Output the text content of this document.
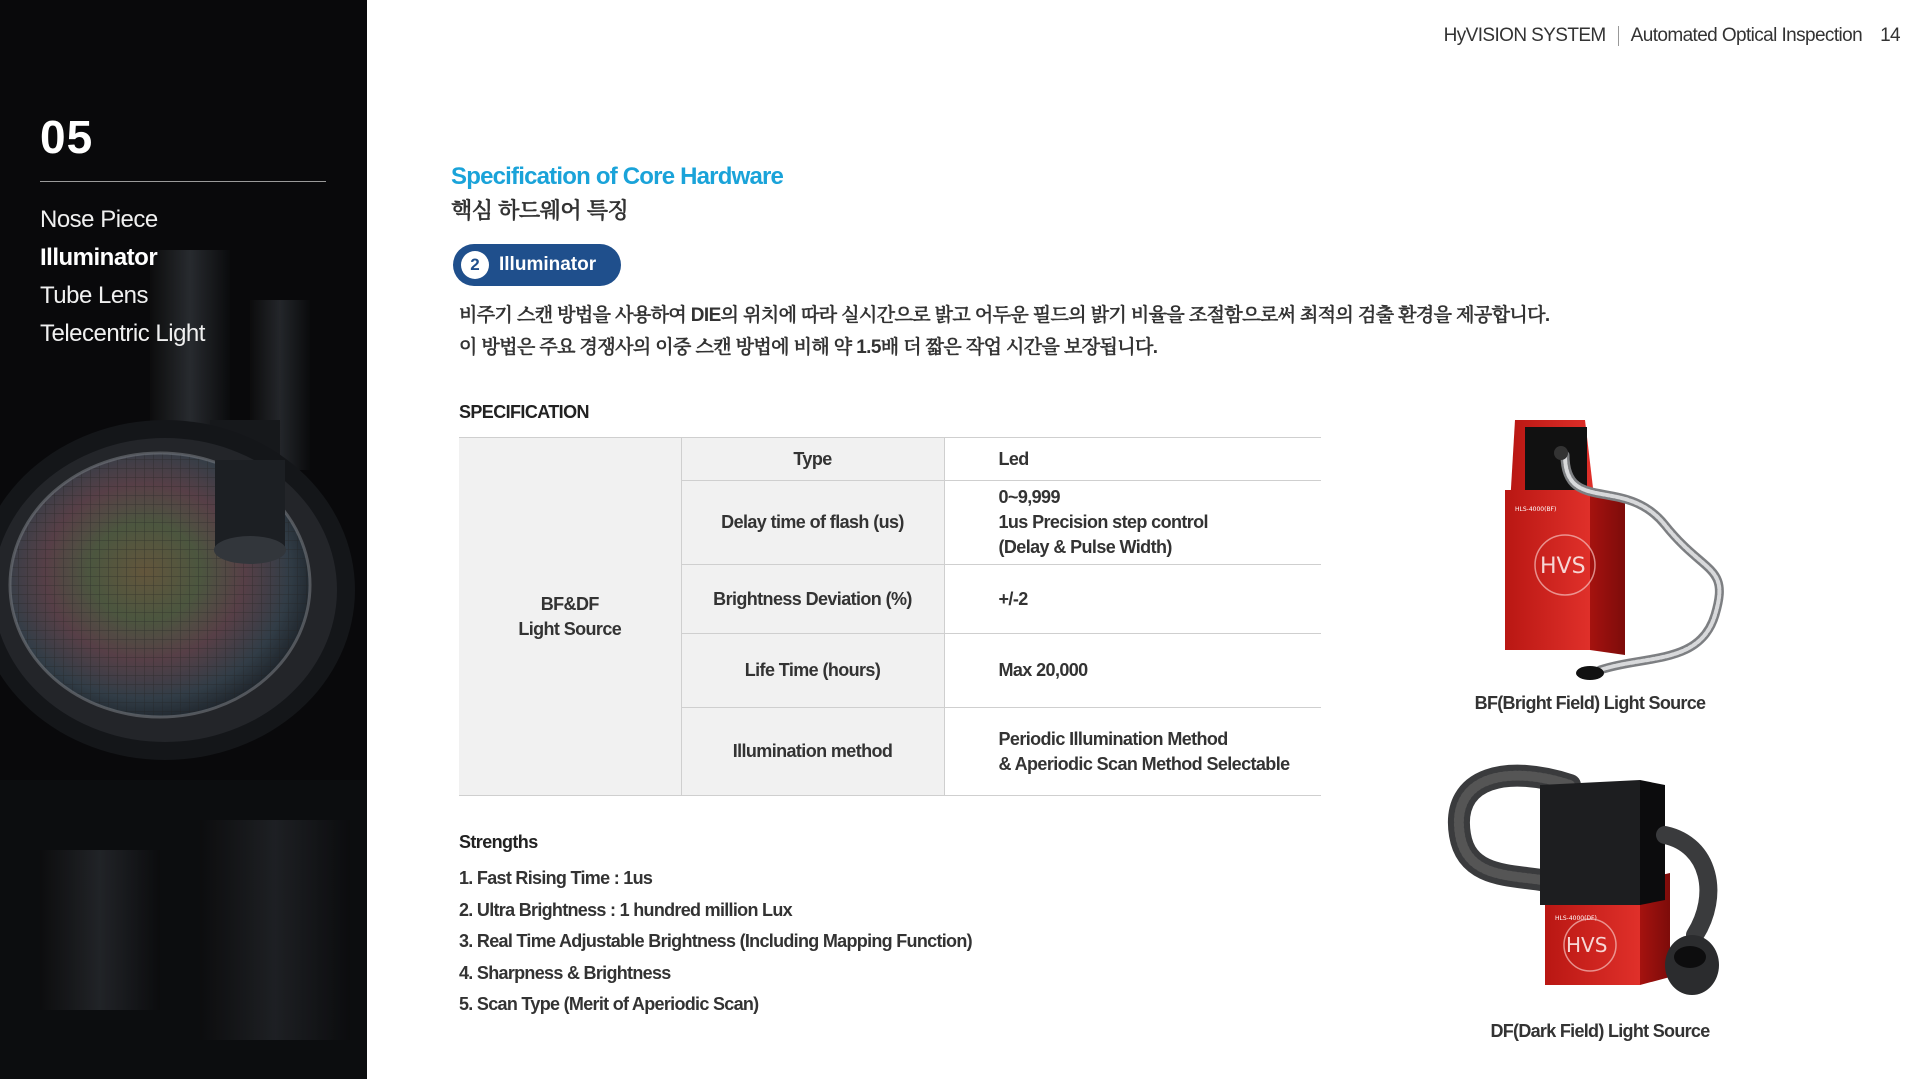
05
Nose Piece
Illuminator
Tube Lens
Telecentric Light
HyVISION SYSTEM Automated Optical Inspection 14
Specification of Core Hardware
핵심 하드웨어 특징
2	Illuminator
비주기 스캔 방법을 사용하여 DIE의 위치에 따라 실시간으로 밝고 어두운 필드의 밝기 비율을 조절함으로써 최적의 검출 환경을 제공합니다.
이 방법은 주요 경쟁사의 이중 스캔 방법에 비해 약 1.5배 더 짧은 작업 시간을 보장됩니다.
SPECIFICATION
BF&DF
Light Source	Type	Led

	Delay time of flash (us)	0~9,999
1us Precision step control
(Delay & Pulse Width)

	Brightness Deviation (%)	+/-2

	Life Time (hours)	Max 20,000

	Illumination method	Periodic Illumination Method
& Aperiodic Scan Method Selectable
Strengths
1. Fast Rising Time : 1us
2. Ultra Brightness : 1 hundred million Lux
3. Real Time Adjustable Brightness (Including Mapping Function)
4. Sharpness & Brightness
5. Scan Type (Merit of Aperiodic Scan)
HLS-4000(BF)
HVS
BF(Bright Field) Light Source
HLS-4000(DF)
HVS
DF(Dark Field) Light Source
